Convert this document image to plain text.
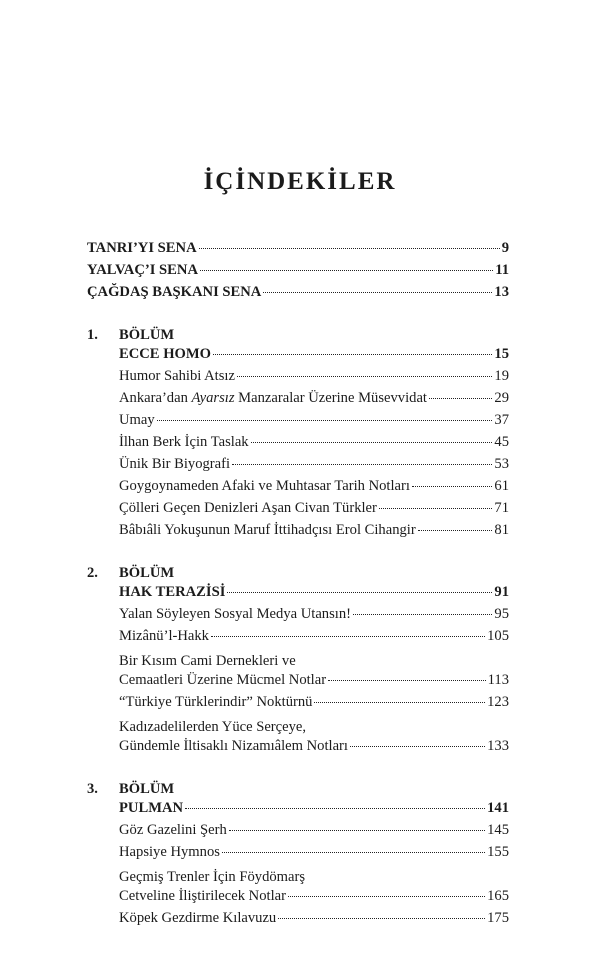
İÇİNDEKİLER
TANRI’YI SENA	9
YALVAÇ’I SENA	11
ÇAĞDAŞ BAŞKANI SENA	13
1.	BÖLÜM
ECCE HOMO	15
Humor Sahibi Atsız	19
Ankara’dan Ayarsız Manzaralar Üzerine Müsevvidat	29
Umay	37
İlhan Berk İçin Taslak	45
Ünik Bir Biyografi	53
Goygoynameden Afaki ve Muhtasar Tarih Notları	61
Çölleri Geçen Denizleri Aşan Civan Türkler	71
Bâbıâli Yokuşunun Maruf İttihadçısı Erol Cihangir	81
2.	BÖLÜM
HAK TERAZİSİ	91
Yalan Söyleyen Sosyal Medya Utansın!	95
Mizânü’l-Hakk	105
Bir Kısım Cami Dernekleri ve
Cemaatleri Üzerine Mücmel Notlar	113
“Türkiye Türklerindir” Noktürnü	123
Kadızadelilerden Yüce Serçeye,
Gündemle İltisaklı Nizamıâlem Notları	133
3.	BÖLÜM
PULMAN	141
Göz Gazelini Şerh	145
Hapsiye Hymnos	155
Geçmiş Trenler İçin Föydömarş
Cetveline İliştirilecek Notlar	165
Köpek Gezdirme Kılavuzu	175
